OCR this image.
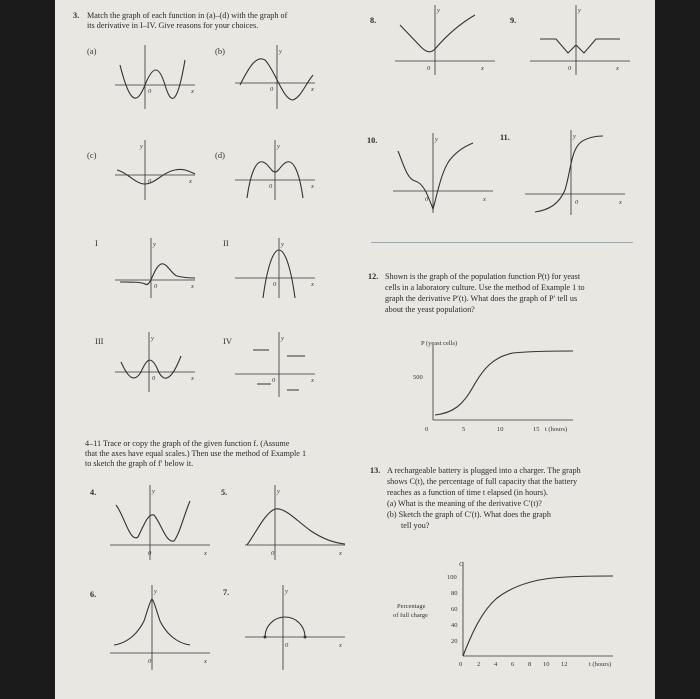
3. Match the graph of each function in (a)–(d) with the graph of
its derivative in I–IV. Give reasons for your choices.
(a)	(b)
(c)	(d)
I	II
III	IV
0	x
y
0	x
y
0	x
y
0	x
y
0	x
y
0	x
y
0	x
y
0	x
8.	9.
10.	11.
y
0	x
y
0	x
y
0	x
y
0	x
12. Shown is the graph of the population function P(t) for yeast
cells in a laboratory culture. Use the method of Example 1 to
graph the derivative P′(t). What does the graph of P′ tell us
about the yeast population?
P (yeast cells)
500
0	5	10	15 t (hours)
4–11 Trace or copy the graph of the given function f. (Assume
that the axes have equal scales.) Then use the method of Example 1
to sketch the graph of f′ below it.
4.	5.
6.	7.
y
0	x
y
0	x
y
0	x
y
0	x
13. A rechargeable battery is plugged into a charger. The graph
shows C(t), the percentage of full capacity that the battery
reaches as a function of time t elapsed (in hours).
(a) What is the meaning of the derivative C′(t)?
(b) Sketch the graph of C′(t). What does the graph
tell you?
C
Percentage
of full charge
100
80
60
40
20
0 2 4 6 8 10 12	t (hours)
